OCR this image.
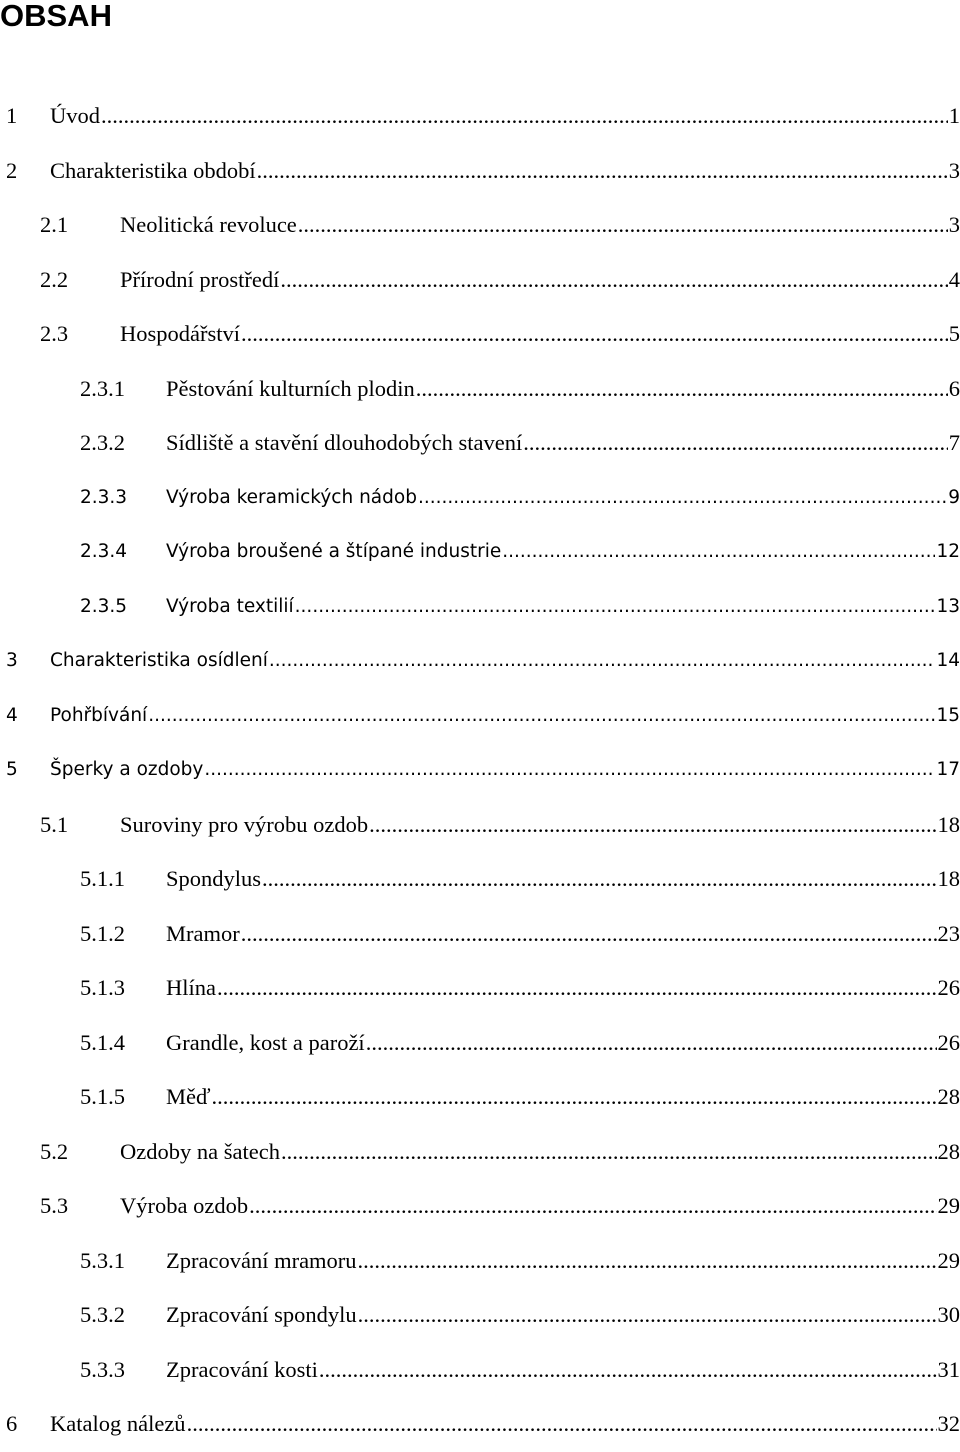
OBSAH
1	Úvod .....	1
2	Charakteristika období .....	3
2.1	Neolitická revoluce .....	3
2.2	Přírodní prostředí .....	4
2.3	Hospodářství .....	5
2.3.1	Pěstování kulturních plodin .....	6
2.3.2	Sídliště a stavění dlouhodobých stavení .....	7
2.3.3	Výroba keramických nádob .....	9
2.3.4	Výroba broušené a štípané industrie .....	12
2.3.5	Výroba textilií .....	13
3	Charakteristika osídlení .....	14
4	Pohřbívání .....	15
5	Šperky a ozdoby .....	17
5.1	Suroviny pro výrobu ozdob .....	18
5.1.1	Spondylus .....	18
5.1.2	Mramor .....	23
5.1.3	Hlína .....	26
5.1.4	Grandle, kost a paroží .....	26
5.1.5	Měď .....	28
5.2	Ozdoby na šatech .....	28
5.3	Výroba ozdob .....	29
5.3.1	Zpracování mramoru .....	29
5.3.2	Zpracování spondylu .....	30
5.3.3	Zpracování kosti .....	31
6	Katalog nálezů .....	32
